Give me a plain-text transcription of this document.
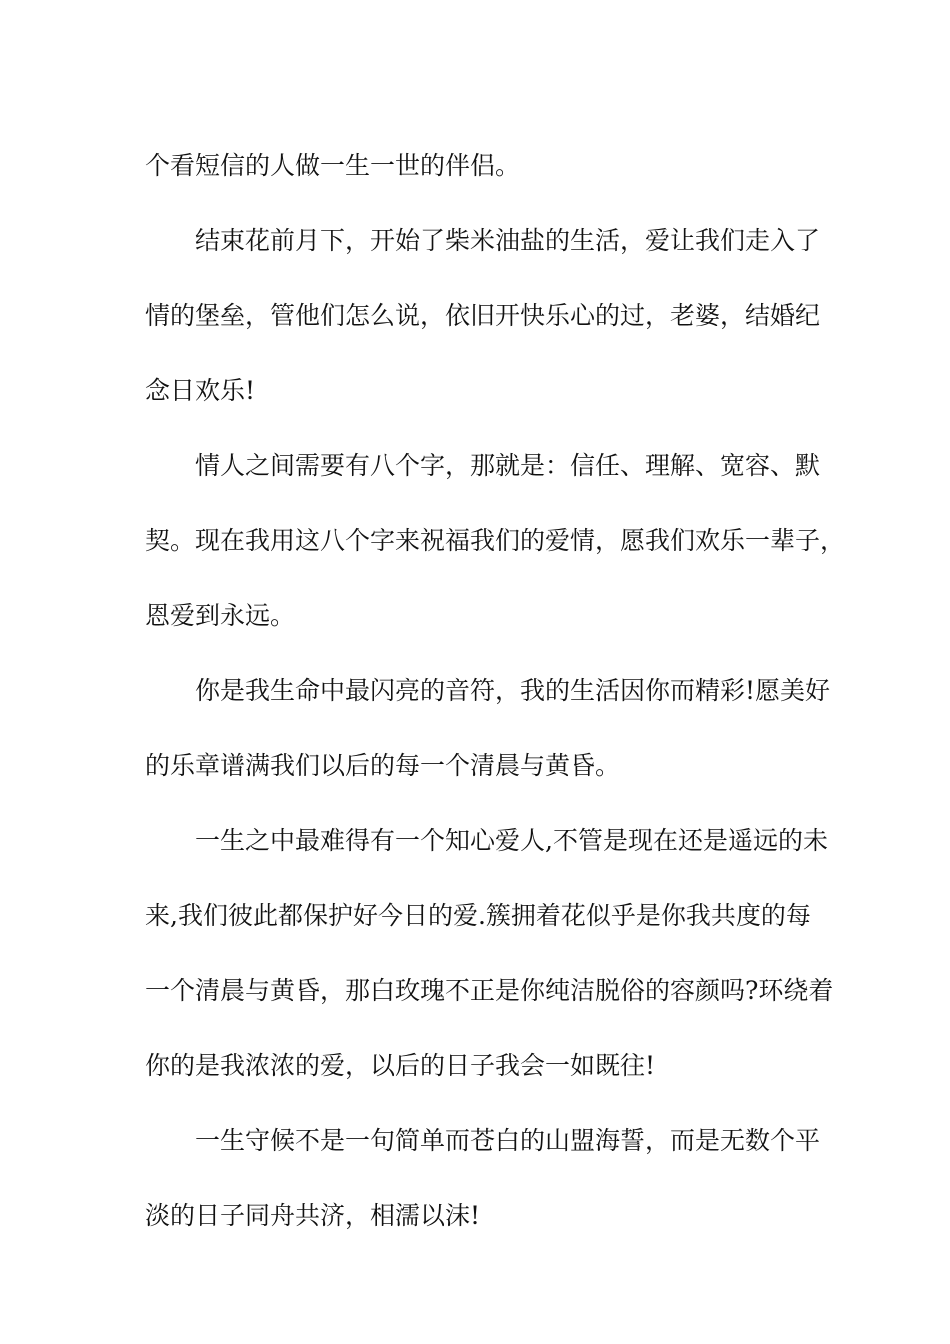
个看短信的人做一生一世的伴侣。
结束花前月下，开始了柴米油盐的生活，爱让我们走入了
情的堡垒，管他们怎么说，依旧开快乐心的过，老婆，结婚纪
念日欢乐!
情人之间需要有八个字，那就是：信任、理解、宽容、默
契。现在我用这八个字来祝福我们的爱情，愿我们欢乐一辈子，
恩爱到永远。
你是我生命中最闪亮的音符，我的生活因你而精彩!愿美好
的乐章谱满我们以后的每一个清晨与黄昏。
一生之中最难得有一个知心爱人,不管是现在还是遥远的未
来,我们彼此都保护好今日的爱.簇拥着花似乎是你我共度的每
一个清晨与黄昏，那白玫瑰不正是你纯洁脱俗的容颜吗?环绕着
你的是我浓浓的爱，以后的日子我会一如既往!
一生守候不是一句简单而苍白的山盟海誓，而是无数个平
淡的日子同舟共济，相濡以沫!
